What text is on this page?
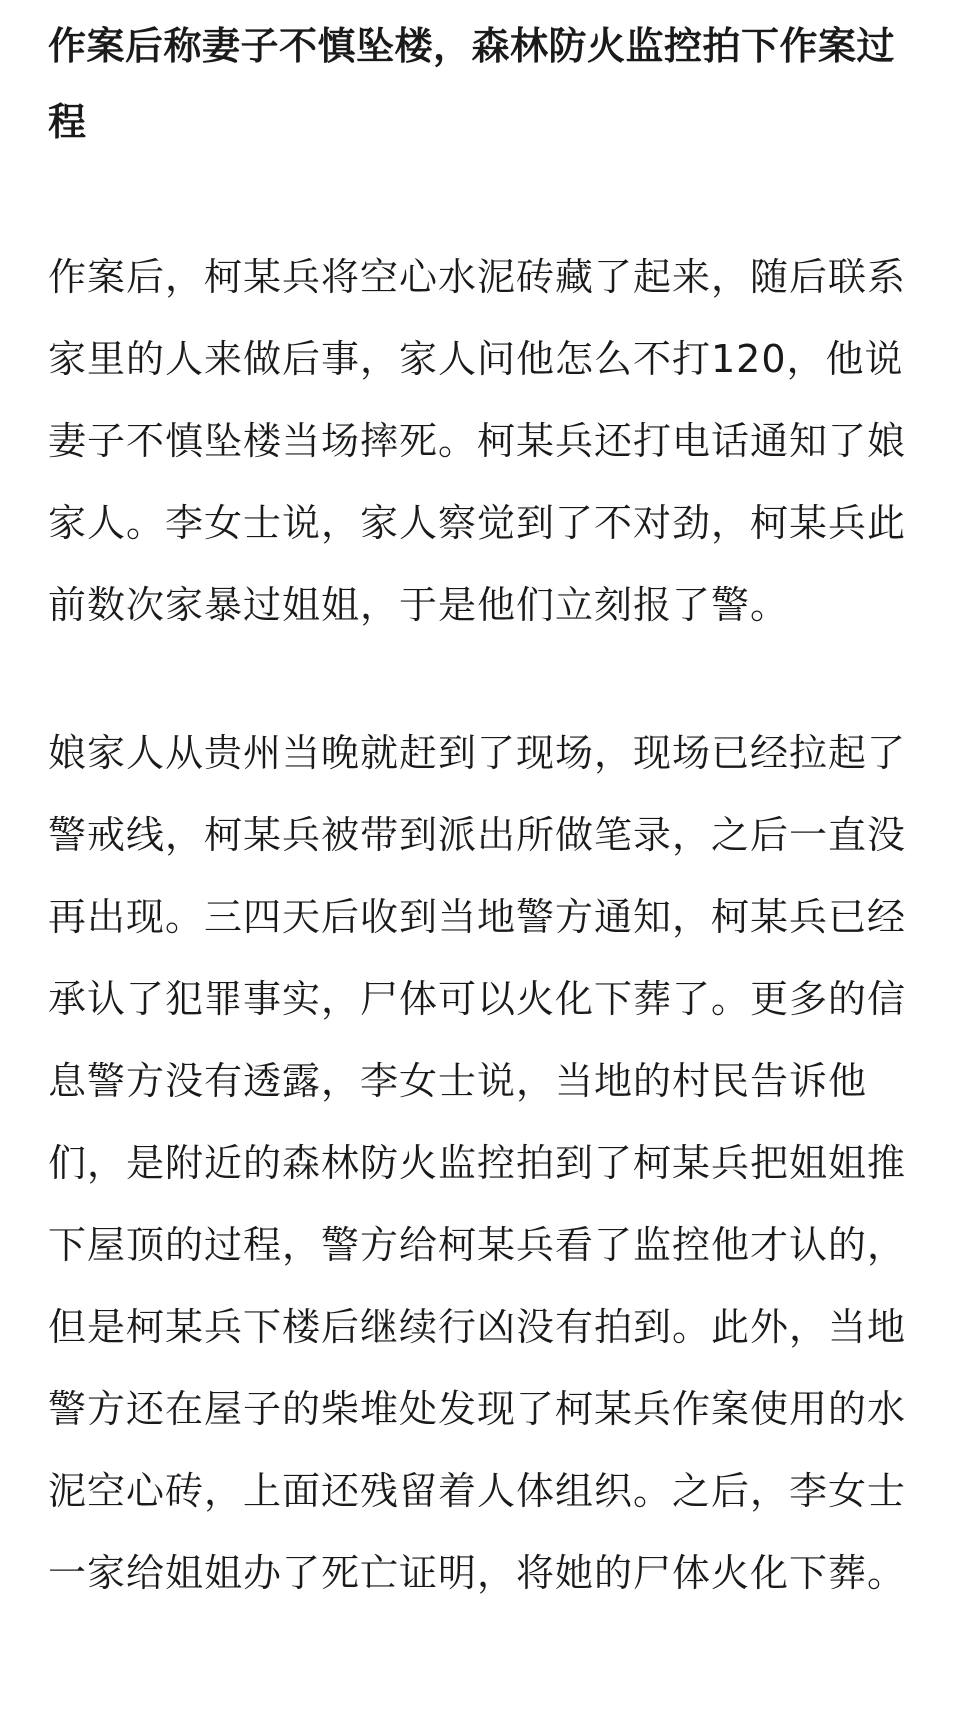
作案后称妻子不慎坠楼，森林防火监控拍下作案过程

作案后，柯某兵将空心水泥砖藏了起来，随后联系家里的人来做后事，家人问他怎么不打120，他说妻子不慎坠楼当场摔死。柯某兵还打电话通知了娘家人。李女士说，家人察觉到了不对劲，柯某兵此前数次家暴过姐姐，于是他们立刻报了警。

娘家人从贵州当晚就赶到了现场，现场已经拉起了警戒线，柯某兵被带到派出所做笔录，之后一直没再出现。三四天后收到当地警方通知，柯某兵已经承认了犯罪事实，尸体可以火化下葬了。更多的信息警方没有透露，李女士说，当地的村民告诉他们，是附近的森林防火监控拍到了柯某兵把姐姐推下屋顶的过程，警方给柯某兵看了监控他才认的，但是柯某兵下楼后继续行凶没有拍到。此外，当地警方还在屋子的柴堆处发现了柯某兵作案使用的水泥空心砖，上面还残留着人体组织。之后，李女士一家给姐姐办了死亡证明，将她的尸体火化下葬。
